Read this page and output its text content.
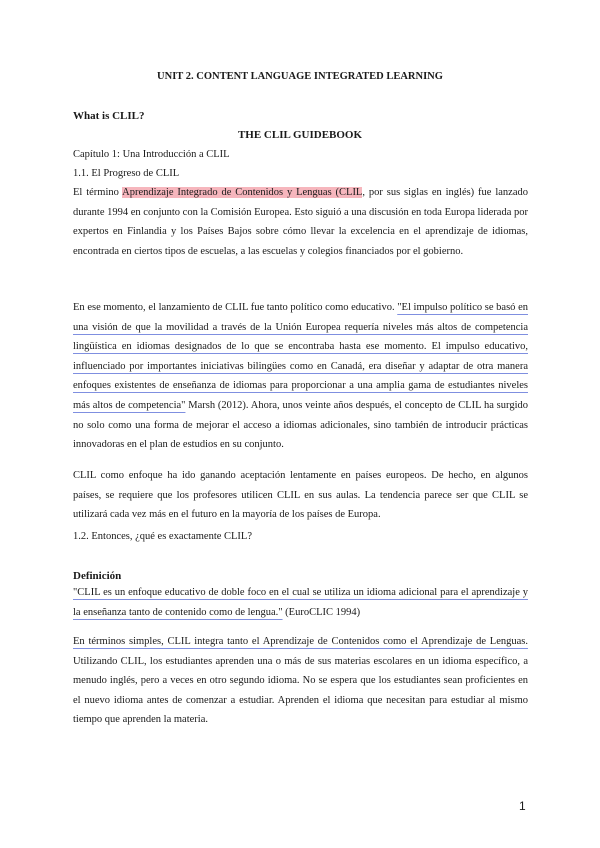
UNIT 2. CONTENT LANGUAGE INTEGRATED LEARNING
What is CLIL?
THE CLIL GUIDEBOOK
Capítulo 1: Una Introducción a CLIL
1.1. El Progreso de CLIL
El término Aprendizaje Integrado de Contenidos y Lenguas (CLIL, por sus siglas en inglés) fue lanzado durante 1994 en conjunto con la Comisión Europea. Esto siguió a una discusión en toda Europa liderada por expertos en Finlandia y los Países Bajos sobre cómo llevar la excelencia en el aprendizaje de idiomas, encontrada en ciertos tipos de escuelas, a las escuelas y colegios financiados por el gobierno.
En ese momento, el lanzamiento de CLIL fue tanto político como educativo. "El impulso político se basó en una visión de que la movilidad a través de la Unión Europea requería niveles más altos de competencia lingüística en idiomas designados de lo que se encontraba hasta ese momento. El impulso educativo, influenciado por importantes iniciativas bilingües como en Canadá, era diseñar y adaptar de otra manera enfoques existentes de enseñanza de idiomas para proporcionar a una amplia gama de estudiantes niveles más altos de competencia" Marsh (2012). Ahora, unos veinte años después, el concepto de CLIL ha surgido no solo como una forma de mejorar el acceso a idiomas adicionales, sino también de introducir prácticas innovadoras en el plan de estudios en su conjunto.
CLIL como enfoque ha ido ganando aceptación lentamente en países europeos. De hecho, en algunos países, se requiere que los profesores utilicen CLIL en sus aulas. La tendencia parece ser que CLIL se utilizará cada vez más en el futuro en la mayoría de los países de Europa.
1.2. Entonces, ¿qué es exactamente CLIL?
Definición
"CLIL es un enfoque educativo de doble foco en el cual se utiliza un idioma adicional para el aprendizaje y la enseñanza tanto de contenido como de lengua." (EuroCLIC 1994)
En términos simples, CLIL integra tanto el Aprendizaje de Contenidos como el Aprendizaje de Lenguas. Utilizando CLIL, los estudiantes aprenden una o más de sus materias escolares en un idioma específico, a menudo inglés, pero a veces en otro segundo idioma. No se espera que los estudiantes sean proficientes en el nuevo idioma antes de comenzar a estudiar. Aprenden el idioma que necesitan para estudiar al mismo tiempo que aprenden la materia.
1
